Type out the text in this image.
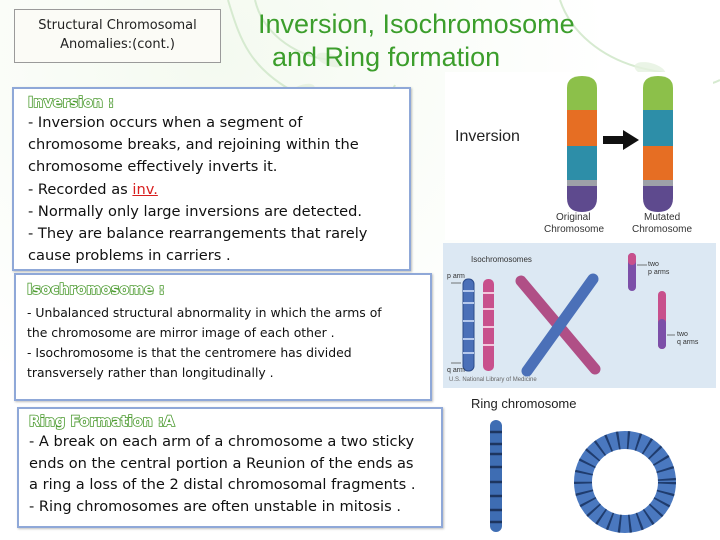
Structural Chromosomal
Anomalies:(cont.)
Inversion, Isochromosome
and Ring formation
Inversion :
- Inversion occurs when a segment of
chromosome breaks, and rejoining within the
chromosome effectively inverts it.
- Recorded as inv.
- Normally only large inversions are detected.
- They are balance rearrangements that rarely
cause problems in carriers .
Isochromosome :
- Unbalanced structural abnormality in which the arms of
the chromosome are mirror image of each other .
- Isochromosome is that the centromere has divided
transversely rather than longitudinally .
Ring Formation :A
- A break on each arm of a chromosome a two sticky
ends on the central portion a Reunion of the ends as
a ring a loss of the 2 distal chromosomal fragments .
- Ring chromosomes are often unstable in mitosis .
Inversion
Original
Chromosome
Mutated
Chromosome
Isochromosomes
p arm
q arm
two
p arms
two
q arms
U.S. National Library of Medicine
Ring chromosome
